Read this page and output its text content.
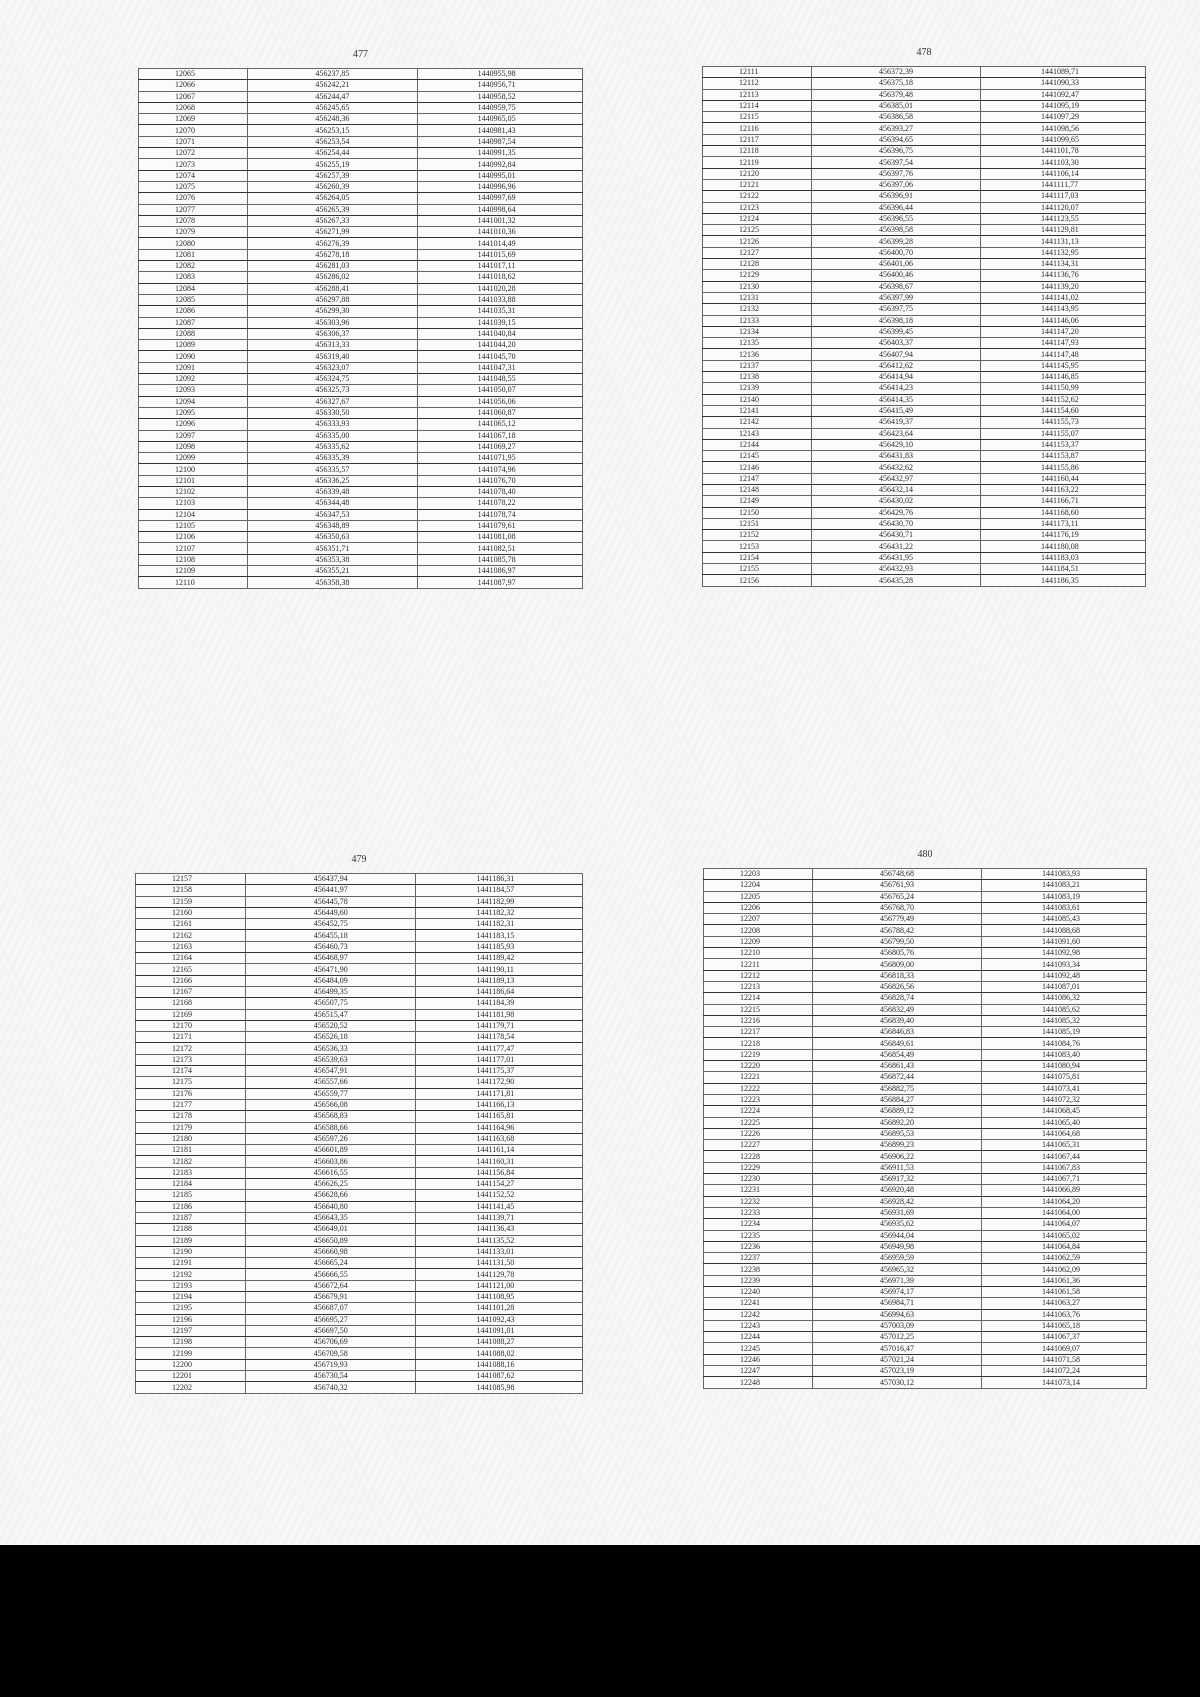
477
12065	456237,85	1440955,98
12066	456242,21	1440956,71
12067	456244,47	1440958,52
12068	456245,65	1440959,75
12069	456248,36	1440965,05
12070	456253,15	1440981,43
12071	456253,54	1440987,54
12072	456254,44	1440991,35
12073	456255,19	1440992,84
12074	456257,39	1440995,01
12075	456260,39	1440996,96
12076	456264,05	1440997,69
12077	456265,39	1440998,64
12078	456267,33	1441001,32
12079	456271,99	1441010,36
12080	456276,39	1441014,49
12081	456278,18	1441015,69
12082	456281,03	1441017,11
12083	456286,02	1441018,62
12084	456288,41	1441020,28
12085	456297,88	1441033,88
12086	456299,30	1441035,31
12087	456303,96	1441039,15
12088	456306,37	1441040,84
12089	456313,33	1441044,20
12090	456319,40	1441045,70
12091	456323,07	1441047,31
12092	456324,75	1441048,55
12093	456325,73	1441050,07
12094	456327,67	1441056,06
12095	456330,50	1441060,87
12096	456333,93	1441065,12
12097	456335,00	1441067,18
12098	456335,62	1441069,27
12099	456335,39	1441071,95
12100	456335,57	1441074,96
12101	456336,25	1441076,70
12102	456339,48	1441078,40
12103	456344,48	1441078,22
12104	456347,53	1441078,74
12105	456348,89	1441079,61
12106	456350,63	1441081,08
12107	456351,71	1441082,51
12108	456353,38	1441085,78
12109	456355,21	1441086,97
12110	456358,38	1441087,97
478
12111	456372,39	1441089,71
12112	456375,18	1441090,33
12113	456379,48	1441092,47
12114	456385,01	1441095,19
12115	456386,58	1441097,29
12116	456393,27	1441098,56
12117	456394,65	1441099,65
12118	456396,75	1441101,78
12119	456397,54	1441103,30
12120	456397,76	1441106,14
12121	456397,06	1441111,77
12122	456396,91	1441117,03
12123	456396,44	1441120,07
12124	456396,55	1441123,55
12125	456398,58	1441129,81
12126	456399,28	1441131,13
12127	456400,70	1441132,95
12128	456401,06	1441134,31
12129	456400,46	1441136,76
12130	456398,67	1441139,20
12131	456397,99	1441141,02
12132	456397,75	1441143,95
12133	456398,18	1441146,06
12134	456399,45	1441147,20
12135	456403,37	1441147,93
12136	456407,94	1441147,48
12137	456412,62	1441145,95
12138	456414,94	1441146,85
12139	456414,23	1441150,99
12140	456414,35	1441152,62
12141	456415,49	1441154,60
12142	456419,37	1441155,73
12143	456423,64	1441155,07
12144	456429,10	1441153,37
12145	456431,83	1441153,87
12146	456432,62	1441155,86
12147	456432,97	1441160,44
12148	456432,14	1441163,22
12149	456430,02	1441166,71
12150	456429,76	1441168,60
12151	456430,70	1441173,11
12152	456430,71	1441176,19
12153	456431,22	1441180,08
12154	456431,95	1441183,03
12155	456432,93	1441184,51
12156	456435,28	1441186,35
479
12157	456437,94	1441186,31
12158	456441,97	1441184,57
12159	456445,78	1441182,99
12160	456449,60	1441182,32
12161	456452,75	1441182,31
12162	456455,18	1441183,15
12163	456460,73	1441185,93
12164	456468,97	1441189,42
12165	456471,90	1441190,11
12166	456484,09	1441189,13
12167	456499,35	1441186,64
12168	456507,75	1441184,39
12169	456515,47	1441181,98
12170	456520,52	1441179,71
12171	456526,18	1441178,54
12172	456536,33	1441177,47
12173	456539,63	1441177,01
12174	456547,91	1441175,37
12175	456557,66	1441172,90
12176	456559,77	1441171,81
12177	456566,08	1441166,13
12178	456568,83	1441165,81
12179	456588,66	1441164,96
12180	456597,26	1441163,68
12181	456601,89	1441161,14
12182	456603,86	1441160,31
12183	456616,55	1441156,84
12184	456626,25	1441154,27
12185	456628,66	1441152,52
12186	456640,80	1441141,45
12187	456643,35	1441139,71
12188	456649,01	1441136,43
12189	456650,89	1441135,52
12190	456660,98	1441133,01
12191	456665,24	1441131,50
12192	456666,55	1441129,78
12193	456672,64	1441121,00
12194	456679,91	1441108,95
12195	456687,07	1441101,28
12196	456695,27	1441092,43
12197	456697,50	1441091,01
12198	456706,69	1441088,27
12199	456709,58	1441088,02
12200	456719,93	1441088,16
12201	456730,54	1441087,62
12202	456740,32	1441085,98
480
12203	456748,68	1441083,93
12204	456761,93	1441083,21
12205	456765,24	1441083,19
12206	456768,70	1441083,61
12207	456779,49	1441085,43
12208	456788,42	1441088,68
12209	456799,50	1441091,60
12210	456805,76	1441092,98
12211	456809,00	1441093,34
12212	456818,33	1441092,48
12213	456826,56	1441087,01
12214	456828,74	1441086,32
12215	456832,49	1441085,62
12216	456839,40	1441085,32
12217	456846,83	1441085,19
12218	456849,61	1441084,76
12219	456854,49	1441083,40
12220	456861,43	1441080,94
12221	456872,44	1441075,81
12222	456882,75	1441073,41
12223	456884,27	1441072,32
12224	456889,12	1441068,45
12225	456892,20	1441065,40
12226	456895,53	1441064,68
12227	456899,23	1441065,31
12228	456906,22	1441067,44
12229	456911,53	1441067,83
12230	456917,32	1441067,71
12231	456920,48	1441066,89
12232	456928,42	1441064,20
12233	456931,69	1441064,00
12234	456935,62	1441064,07
12235	456944,04	1441065,02
12236	456949,98	1441064,84
12237	456959,59	1441062,59
12238	456965,32	1441062,09
12239	456971,39	1441061,36
12240	456974,17	1441061,58
12241	456984,71	1441063,27
12242	456994,63	1441063,76
12243	457003,09	1441065,18
12244	457012,25	1441067,37
12245	457016,47	1441069,07
12246	457021,24	1441071,58
12247	457023,19	1441072,24
12248	457030,12	1441073,14
